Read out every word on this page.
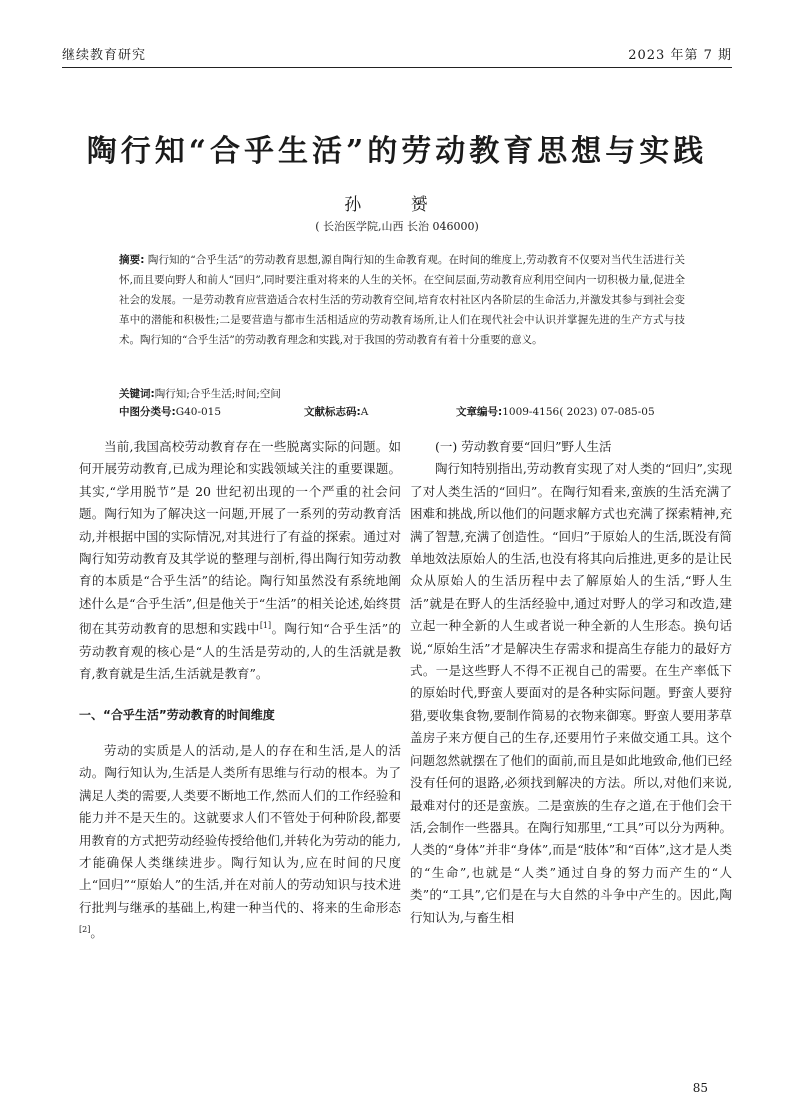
继续教育研究	2023 年第 7 期
陶行知“合乎生活”的劳动教育思想与实践
孙 赟
( 长治医学院,山西 长治 046000)
摘要: 陶行知的“合乎生活”的劳动教育思想,源自陶行知的生命教育观。在时间的维度上,劳动教育不仅要对当代生活进行关怀,而且要向野人和前人“回归”,同时要注重对将来的人生的关怀。在空间层面,劳动教育应利用空间内一切积极力量,促进全社会的发展。一是劳动教育应营造适合农村生活的劳动教育空间,培育农村社区内各阶层的生命活力,并激发其参与到社会变革中的潜能和积极性;二是要营造与都市生活相适应的劳动教育场所,让人们在现代社会中认识并掌握先进的生产方式与技术。陶行知的“合乎生活”的劳动教育理念和实践,对于我国的劳动教育有着十分重要的意义。
关键词:陶行知;合乎生活;时间;空间
中图分类号:G40-015	文献标志码:A	文章编号:1009-4156( 2023) 07-085-05

当前,我国高校劳动教育存在一些脱离实际的问题。如何开展劳动教育,已成为理论和实践领域关注的重要课题。其实,“学用脱节”是 20 世纪初出现的一个严重的社会问题。陶行知为了解决这一问题,开展了一系列的劳动教育活动,并根据中国的实际情况,对其进行了有益的探索。通过对陶行知劳动教育及其学说的整理与剖析,得出陶行知劳动教育的本质是“合乎生活”的结论。陶行知虽然没有系统地阐述什么是“合乎生活”,但是他关于“生活”的相关论述,始终贯彻在其劳动教育的思想和实践中[1]。陶行知“合乎生活”的劳动教育观的核心是“人的生活是劳动的,人的生活就是教育,教育就是生活,生活就是教育”。

一、“合乎生活”劳动教育的时间维度

劳动的实质是人的活动,是人的存在和生活,是人的活动。陶行知认为,生活是人类所有思维与行动的根本。为了满足人类的需要,人类要不断地工作,然而人们的工作经验和能力并不是天生的。这就要求人们不管处于何种阶段,都要用教育的方式把劳动经验传授给他们,并转化为劳动的能力,才能确保人类继续进步。陶行知认为,应在时间的尺度上“回归”“原始人”的生活,并在对前人的劳动知识与技术进行批判与继承的基础上,构建一种当代的、将来的生命形态[2]。

(一) 劳动教育要“回归”野人生活

陶行知特别指出,劳动教育实现了对人类的“回归”,实现了对人类生活的“回归”。在陶行知看来,蛮族的生活充满了困难和挑战,所以他们的问题求解方式也充满了探索精神,充满了智慧,充满了创造性。“回归”于原始人的生活,既没有简单地效法原始人的生活,也没有将其向后推进,更多的是让民众从原始人的生活历程中去了解原始人的生活,“野人生活”就是在野人的生活经验中,通过对野人的学习和改造,建立起一种全新的人生或者说一种全新的人生形态。换句话说,“原始生活”才是解决生存需求和提高生存能力的最好方式。一是这些野人不得不正视自己的需要。在生产率低下的原始时代,野蛮人要面对的是各种实际问题。野蛮人要狩猎,要收集食物,要制作简易的衣物来御寒。野蛮人要用茅草盖房子来方便自己的生存,还要用竹子来做交通工具。这个问题忽然就摆在了他们的面前,而且是如此地致命,他们已经没有任何的退路,必须找到解决的方法。所以,对他们来说,最难对付的还是蛮族。二是蛮族的生存之道,在于他们会干活,会制作一些器具。在陶行知那里,“工具”可以分为两种。人类的“身体”并非“身体”,而是“肢体”和“百体”,这才是人类的“生命”,也就是“人类”通过自身的努力而产生的“人类”的“工具”,它们是在与大自然的斗争中产生的。因此,陶行知认为,与畜生相

85
